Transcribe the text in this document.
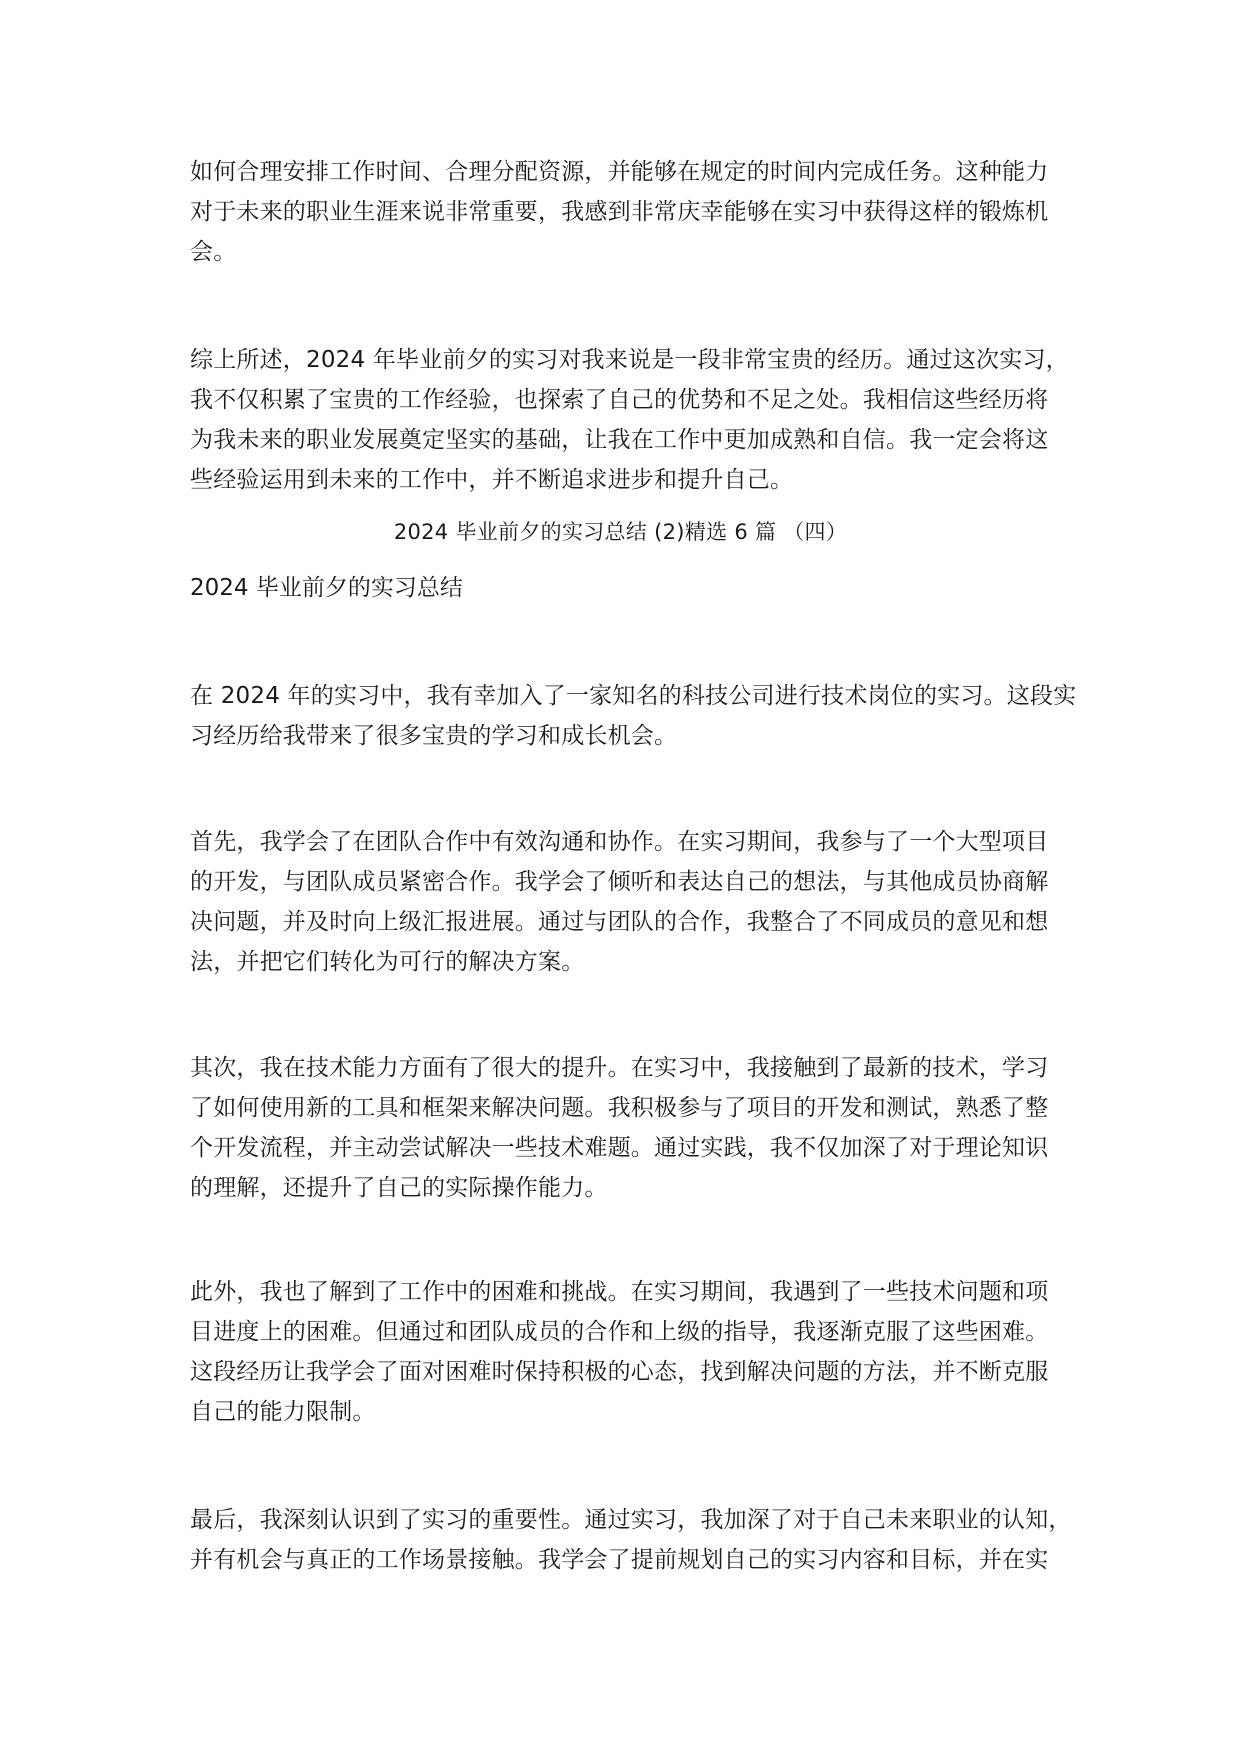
如何合理安排工作时间、合理分配资源，并能够在规定的时间内完成任务。这种能力
对于未来的职业生涯来说非常重要，我感到非常庆幸能够在实习中获得这样的锻炼机
会。
综上所述，2024 年毕业前夕的实习对我来说是一段非常宝贵的经历。通过这次实习，
我不仅积累了宝贵的工作经验，也探索了自己的优势和不足之处。我相信这些经历将
为我未来的职业发展奠定坚实的基础，让我在工作中更加成熟和自信。我一定会将这
些经验运用到未来的工作中，并不断追求进步和提升自己。
2024 毕业前夕的实习总结 (2)精选 6 篇 （四）
2024 毕业前夕的实习总结
在 2024 年的实习中，我有幸加入了一家知名的科技公司进行技术岗位的实习。这段实
习经历给我带来了很多宝贵的学习和成长机会。
首先，我学会了在团队合作中有效沟通和协作。在实习期间，我参与了一个大型项目
的开发，与团队成员紧密合作。我学会了倾听和表达自己的想法，与其他成员协商解
决问题，并及时向上级汇报进展。通过与团队的合作，我整合了不同成员的意见和想
法，并把它们转化为可行的解决方案。
其次，我在技术能力方面有了很大的提升。在实习中，我接触到了最新的技术，学习
了如何使用新的工具和框架来解决问题。我积极参与了项目的开发和测试，熟悉了整
个开发流程，并主动尝试解决一些技术难题。通过实践，我不仅加深了对于理论知识
的理解，还提升了自己的实际操作能力。
此外，我也了解到了工作中的困难和挑战。在实习期间，我遇到了一些技术问题和项
目进度上的困难。但通过和团队成员的合作和上级的指导，我逐渐克服了这些困难。
这段经历让我学会了面对困难时保持积极的心态，找到解决问题的方法，并不断克服
自己的能力限制。
最后，我深刻认识到了实习的重要性。通过实习，我加深了对于自己未来职业的认知，
并有机会与真正的工作场景接触。我学会了提前规划自己的实习内容和目标，并在实
